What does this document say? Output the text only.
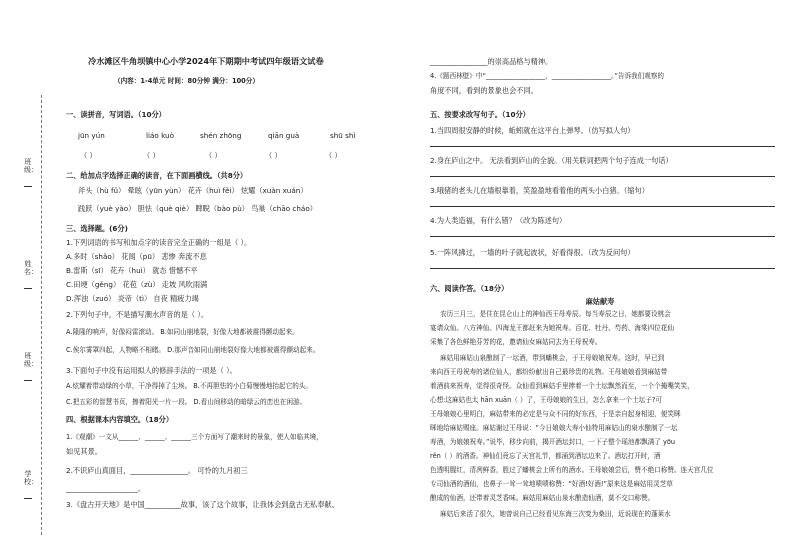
班级：
姓名：
班级：
学校：
冷水滩区牛角坝镇中心小学2024年下期期中考试四年级语文试卷
（内容：1-4单元 时间：80分钟 满分：100分）
一、读拼音，写词语。（10分）
jūn yún	liáo kuò	shén zhōng	qiān guà	shū shì
（ ）	（ ）	（ ）	（ ）	（ ）
二、给加点字选择正确的读音，在下面画横线。（共8分）
斧头（hù fǔ） 晕眩（yūn yùn） 花卉（huì fěi） 炫耀（xuàn xuán）
践跃（yuè yào） 胆怯（què qiè） 睥睨（bào pù） 鸟巢（chāo cháo）
三、选择题。(6分)
1.下列词语的书写和加点字的读音完全正确的一组是（ ）。
A.多时（shǎo） 花闻（pū） 悲惨 奔流不息
B.雷斯（sī） 花卉（huì） 就态 惜憾不平
C.田埂（gěng） 花苞（zù） 走坡 风吹雨满
D.浑浊（zuó） 炎帝（tì） 自夜 精疲力竭
2.下列句子中，不是描写潮水声音的是（ ）。
A.隆隆的响声，好像闷雷滚动。 B.如同山崩地裂，好像大地都被震得颤动起来。
C.俟尔雾罩四起，人物略不相睹。 D.那声音如同山崩地裂好像大地都被震得颤动起来。
3.下面句子中没有运用拟人的修辞手法的一项是（ ）。
A.炫耀着带动绿的小草，干净得掉了尘埃。 B.不再胆怯的小白菊慢慢地抬起它的头。
C.把五彩的智慧书页，擦着阳光一片一段。 D.看山间移动的暗绿云的峦也在闲游。
四、根据课本内容填空。（18分）
1.《观潮》一文从______、______、______三个方面写了潮来时的景象，使人如临其境，
如见其景。
2.不识庐山真面目，________________。 可怜的九月初三
____________________。
3.《盘古开天地》是中国__________故事，该了这个故事，让我体会到盘古无私奉献、
________________的崇高品格与精神。
4.《题西林壁》中“__________________，__________________。”告诉我们观察的
角度不同，看到的景象也会不同。
五、按要求改写句子。（10分）
1.当四周很安静的时候，蚯蚓就在这平台上弹琴。（仿写拟人句）
2.身在庐山之中。 无法看到庐山的全貌。（用关联词把两个句子连成一句话）
3.哦猪的老头儿在墙根靠着，笑盈盈地看着他的两头小白猪。（缩句）
4.为人类造福，有什么错？（改为陈述句）
5.一阵风拂过，一墙的叶子就起波状，好看得很。（改为反问句）
六、阅读作答。（18分）
麻姑献寿
农历三月三，是住在昆仑山上的神仙西王母寿辰。每当寿辰之日，她都要设桃会
宴请众仙。八方神仙、四海龙王都赶来为她祝寿。百花、牡丹、芍药、海棠四位花仙
采集了各色鲜艳芬芳的花，邀请仙女麻姑同去为王母祝寿。
麻姑用麻姑山泉酿制了一坛酒，带到蟠桃会，于王母娘娘祝寿。这时，早已到
来向西王母祝寿的诸位仙人，都纷纷献出自己最珍贵的礼物。王母娘娘看到麻姑带
着酒前来祝寿，觉得很奇怪。众仙看到麻姑手里捧着一个土坛飘然而至，一个个掩嘴笑笑，
心想:这麻姑也太 hān xuān（ ）了，王母娘娘的生日，怎么拿来一个土坛子?可
王母娘娘心里明白，麻姑带来的必定是与众不同的好东西，于是亲自起身相迎，便笑眯
眯地给麻姑赐座。麻姑谢过王母说：“今日娘娘大寿小仙特用麻姑山的泉水酿制了一坛
寿酒，为娘娘祝寿。”说毕，移步向前，揭开酒坛封口，一下子整个瑶池都飘满了 yōu
rěn（ ）的酒香。神仙们竟忘了天宫礼节，都涌到酒坛边来了。酒坛打开时，酒
色透明腥红，清冽鲜香，胜过了蟠桃会上所有的酒水。王母娘娘尝后，赞不绝口称赞。连天宫几位
专司仙酒的酒仙，也鼻子一耸一耸地啧啧称赞：“好酒!好酒!”原来这是麻姑用灵芝草
酿成的仙酒，还带着灵芝香味。麻姑用麻姑山泉水酿造仙酒，莫不交口称赞。
麻姑后来活了很久，她曾说自己已经看见东海三次变为桑田，近说现在的蓬莱水
